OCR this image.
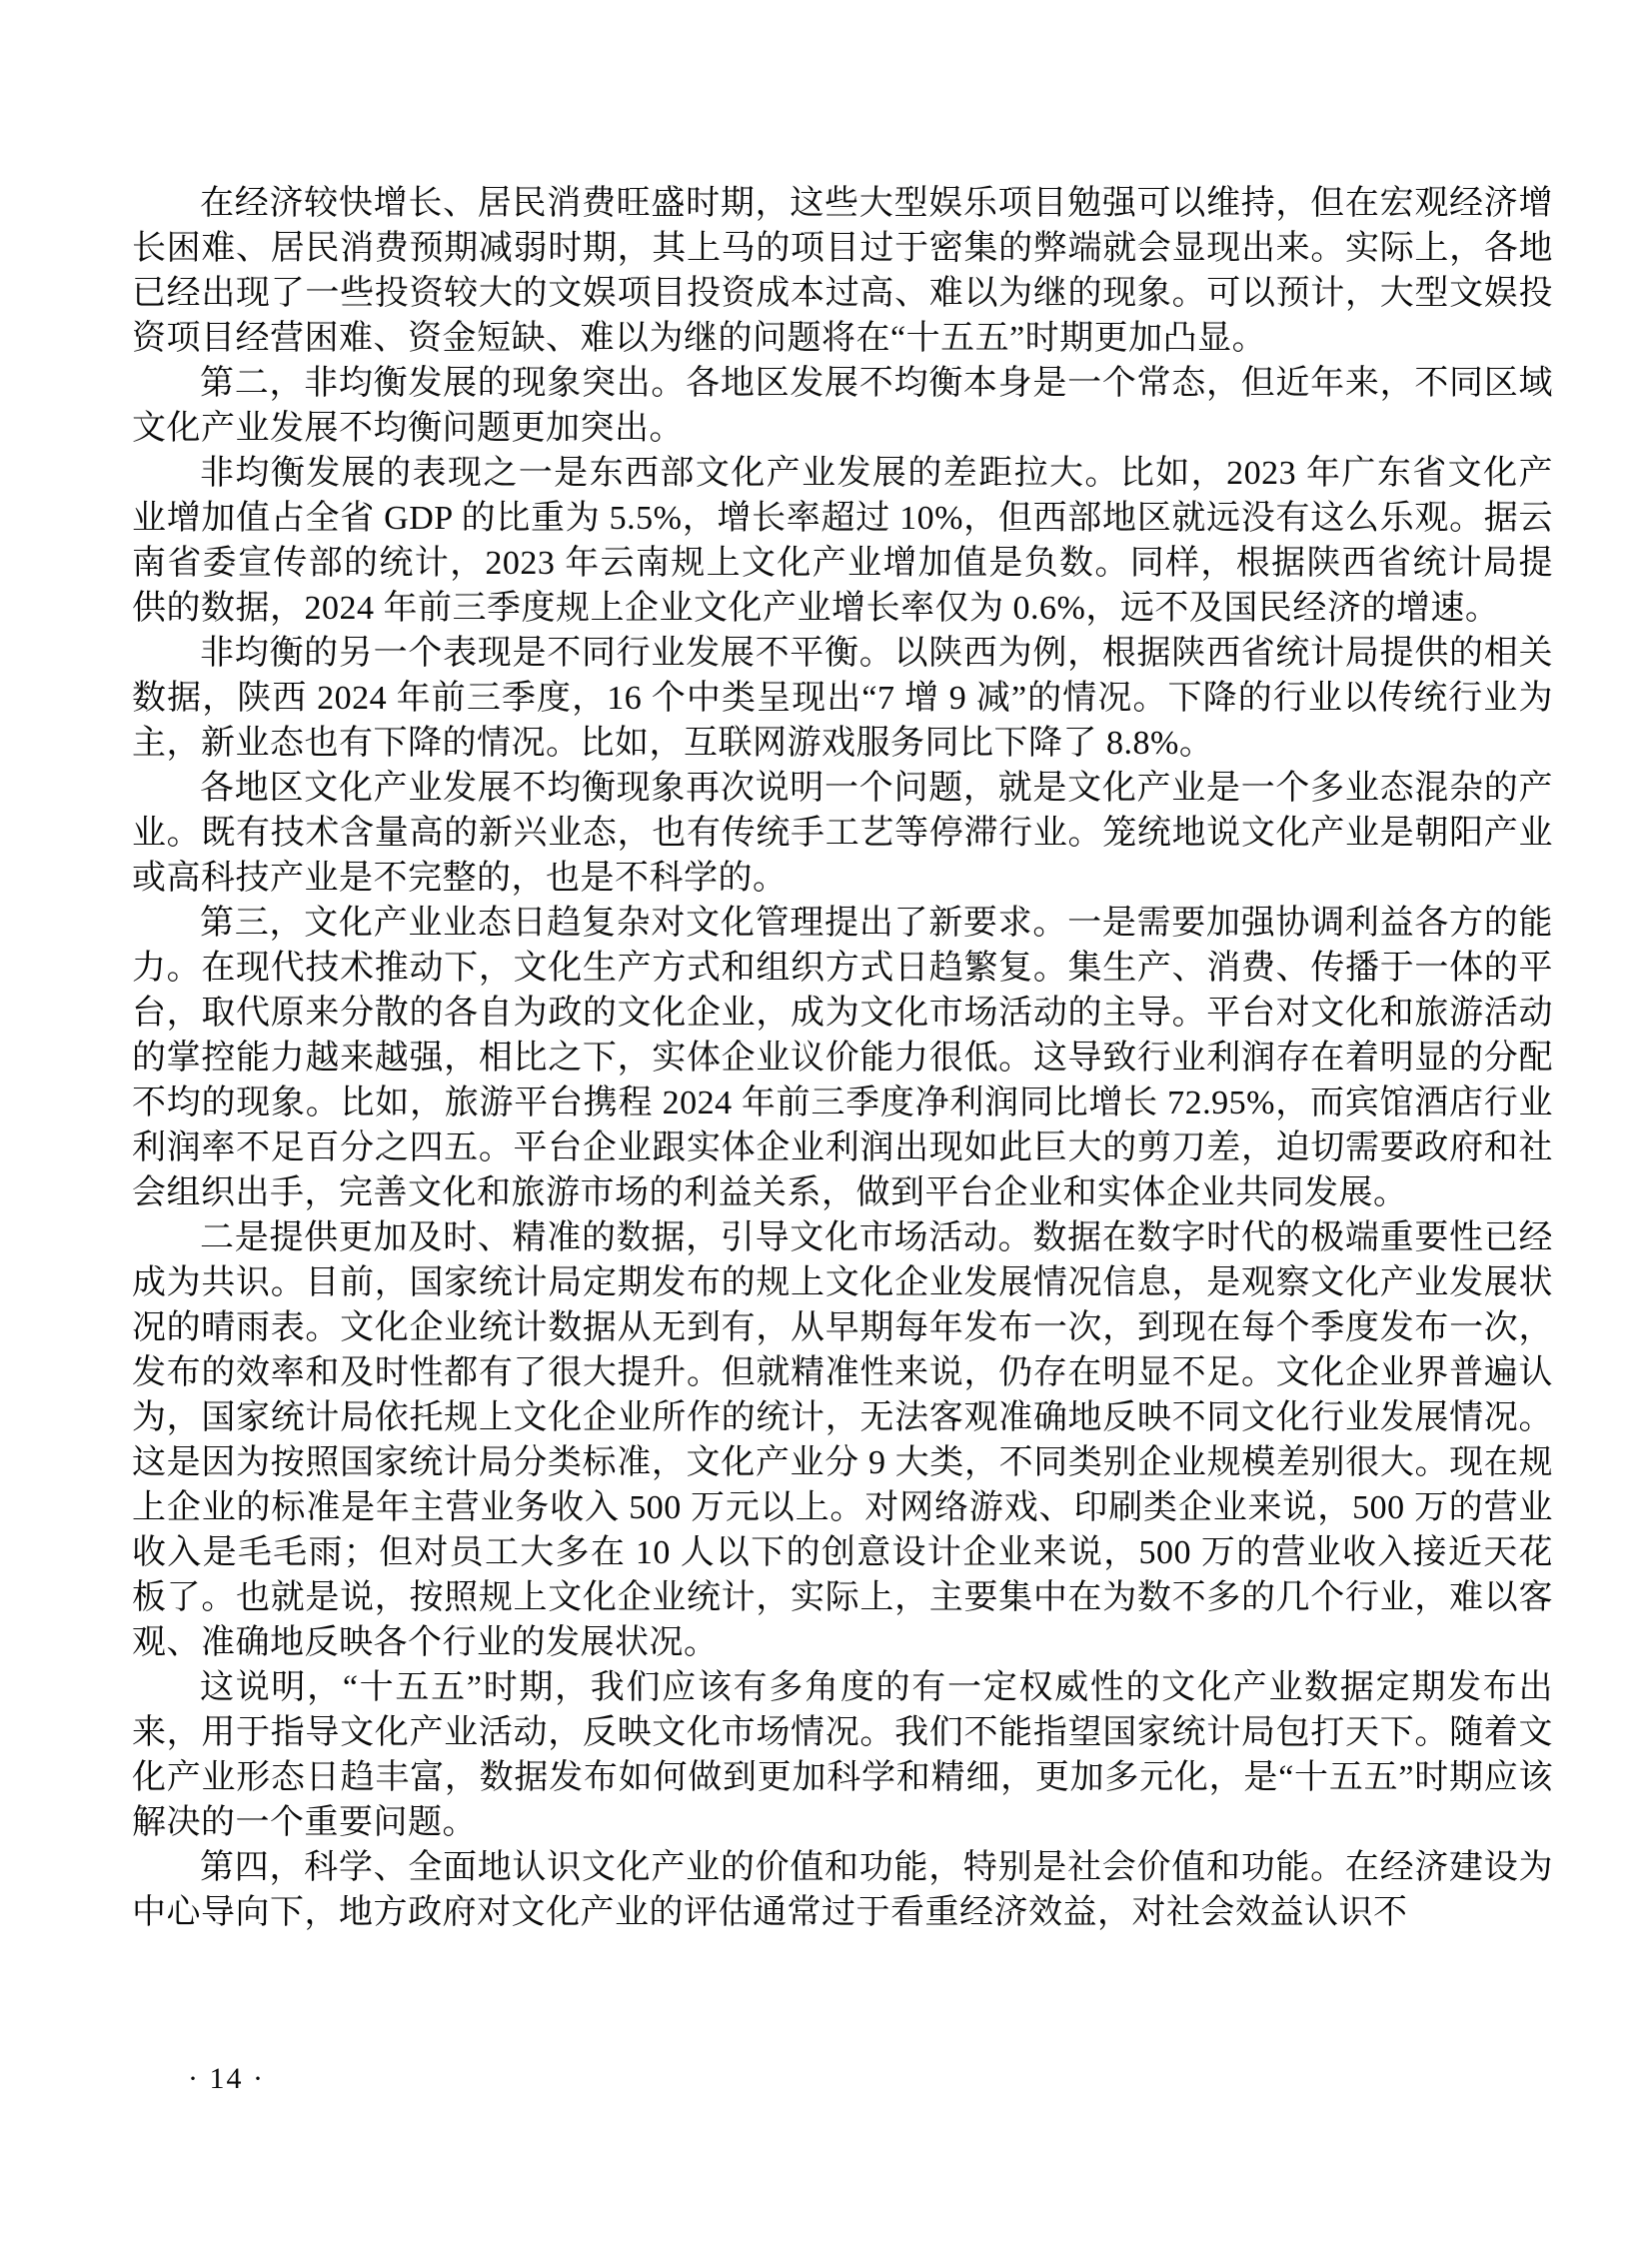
在经济较快增长、居民消费旺盛时期，这些大型娱乐项目勉强可以维持，但在宏观经济增长困难、居民消费预期减弱时期，其上马的项目过于密集的弊端就会显现出来。实际上，各地已经出现了一些投资较大的文娱项目投资成本过高、难以为继的现象。可以预计，大型文娱投资项目经营困难、资金短缺、难以为继的问题将在“十五五”时期更加凸显。

第二，非均衡发展的现象突出。各地区发展不均衡本身是一个常态，但近年来，不同区域文化产业发展不均衡问题更加突出。

非均衡发展的表现之一是东西部文化产业发展的差距拉大。比如，2023 年广东省文化产业增加值占全省 GDP 的比重为 5.5%，增长率超过 10%，但西部地区就远没有这么乐观。据云南省委宣传部的统计，2023 年云南规上文化产业增加值是负数。同样，根据陕西省统计局提供的数据，2024 年前三季度规上企业文化产业增长率仅为 0.6%，远不及国民经济的增速。

非均衡的另一个表现是不同行业发展不平衡。以陕西为例，根据陕西省统计局提供的相关数据，陕西 2024 年前三季度，16 个中类呈现出“7 增 9 减”的情况。下降的行业以传统行业为主，新业态也有下降的情况。比如，互联网游戏服务同比下降了 8.8%。

各地区文化产业发展不均衡现象再次说明一个问题，就是文化产业是一个多业态混杂的产业。既有技术含量高的新兴业态，也有传统手工艺等停滞行业。笼统地说文化产业是朝阳产业或高科技产业是不完整的，也是不科学的。

第三，文化产业业态日趋复杂对文化管理提出了新要求。一是需要加强协调利益各方的能力。在现代技术推动下，文化生产方式和组织方式日趋繁复。集生产、消费、传播于一体的平台，取代原来分散的各自为政的文化企业，成为文化市场活动的主导。平台对文化和旅游活动的掌控能力越来越强，相比之下，实体企业议价能力很低。这导致行业利润存在着明显的分配不均的现象。比如，旅游平台携程 2024 年前三季度净利润同比增长 72.95%，而宾馆酒店行业利润率不足百分之四五。平台企业跟实体企业利润出现如此巨大的剪刀差，迫切需要政府和社会组织出手，完善文化和旅游市场的利益关系，做到平台企业和实体企业共同发展。

二是提供更加及时、精准的数据，引导文化市场活动。数据在数字时代的极端重要性已经成为共识。目前，国家统计局定期发布的规上文化企业发展情况信息，是观察文化产业发展状况的晴雨表。文化企业统计数据从无到有，从早期每年发布一次，到现在每个季度发布一次，发布的效率和及时性都有了很大提升。但就精准性来说，仍存在明显不足。文化企业界普遍认为，国家统计局依托规上文化企业所作的统计，无法客观准确地反映不同文化行业发展情况。这是因为按照国家统计局分类标准，文化产业分 9 大类，不同类别企业规模差别很大。现在规上企业的标准是年主营业务收入 500 万元以上。对网络游戏、印刷类企业来说，500 万的营业收入是毛毛雨；但对员工大多在 10 人以下的创意设计企业来说，500 万的营业收入接近天花板了。也就是说，按照规上文化企业统计，实际上，主要集中在为数不多的几个行业，难以客观、准确地反映各个行业的发展状况。

这说明，“十五五”时期，我们应该有多角度的有一定权威性的文化产业数据定期发布出来，用于指导文化产业活动，反映文化市场情况。我们不能指望国家统计局包打天下。随着文化产业形态日趋丰富，数据发布如何做到更加科学和精细，更加多元化，是“十五五”时期应该解决的一个重要问题。

第四，科学、全面地认识文化产业的价值和功能，特别是社会价值和功能。在经济建设为中心导向下，地方政府对文化产业的评估通常过于看重经济效益，对社会效益认识不

· 14 ·
